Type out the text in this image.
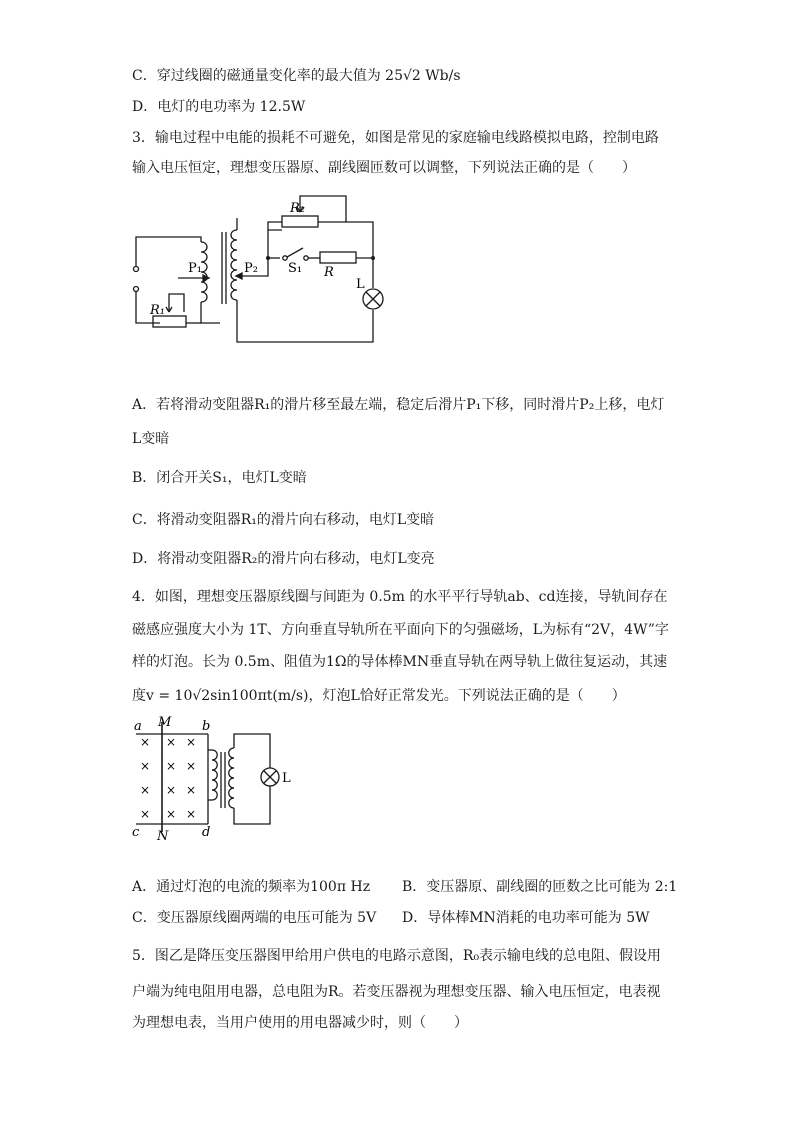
C．穿过线圈的磁通量变化率的最大值为 25√2 Wb/s
D．电灯的电功率为 12.5W
3．输电过程中电能的损耗不可避免，如图是常见的家庭输电线路模拟电路，控制电路
输入电压恒定，理想变压器原、副线圈匝数可以调整，下列说法正确的是（　　）
P₁	P₂
R₁
R₂
S₁ R
L
A．若将滑动变阻器R₁的滑片移至最左端，稳定后滑片P₁下移，同时滑片P₂上移，电灯
L变暗
B．闭合开关S₁，电灯L变暗
C．将滑动变阻器R₁的滑片向右移动，电灯L变暗
D．将滑动变阻器R₂的滑片向右移动，电灯L变亮
4．如图，理想变压器原线圈与间距为 0.5m 的水平平行导轨ab、cd连接，导轨间存在
磁感应强度大小为 1T、方向垂直导轨所在平面向下的匀强磁场，L为标有“2V，4W”字
样的灯泡。长为 0.5m、阻值为1Ω的导体棒MN垂直导轨在两导轨上做往复运动，其速
度v = 10√2sin100πt(m/s)，灯泡L恰好正常发光。下列说法正确的是（　　）
a M b
c N	d
L
× × ×
× × ×
× × ×
× × ×
A．通过灯泡的电流的频率为100π Hz B．变压器原、副线圈的匝数之比可能为 2:1
C．变压器原线圈两端的电压可能为 5V D．导体棒MN消耗的电功率可能为 5W
5．图乙是降压变压器图甲给用户供电的电路示意图，R₀表示输电线的总电阻、假设用
户端为纯电阻用电器，总电阻为R。若变压器视为理想变压器、输入电压恒定，电表视
为理想电表，当用户使用的用电器减少时，则（　　）
